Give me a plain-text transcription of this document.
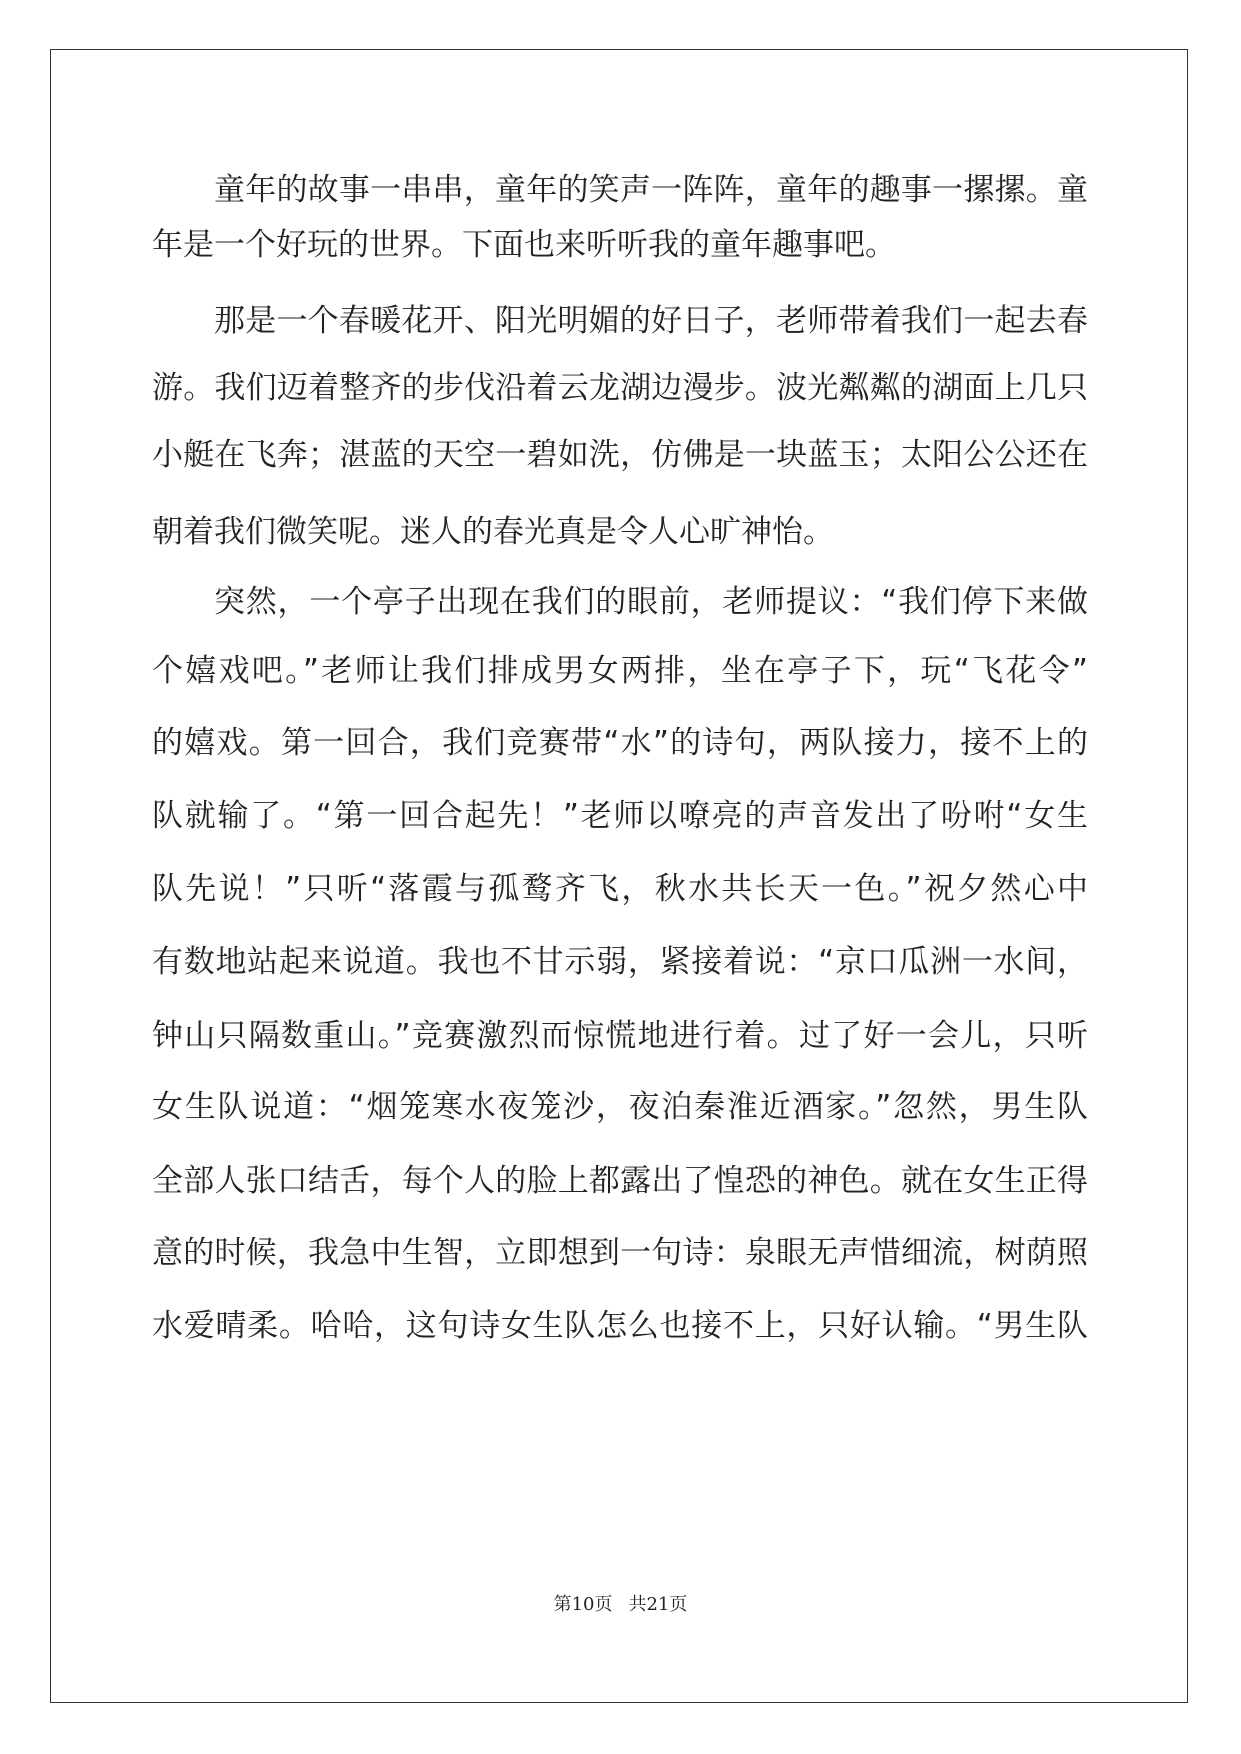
童年的故事一串串，童年的笑声一阵阵，童年的趣事一摞摞。童
年是一个好玩的世界。下面也来听听我的童年趣事吧。
那是一个春暖花开、阳光明媚的好日子，老师带着我们一起去春
游。我们迈着整齐的步伐沿着云龙湖边漫步。波光粼粼的湖面上几只
小艇在飞奔；湛蓝的天空一碧如洗，仿佛是一块蓝玉；太阳公公还在
朝着我们微笑呢。迷人的春光真是令人心旷神怡。
突然，一个亭子出现在我们的眼前，老师提议：“我们停下来做
个嬉戏吧。”老师让我们排成男女两排，坐在亭子下，玩“飞花令”
的嬉戏。第一回合，我们竞赛带“水”的诗句，两队接力，接不上的
队就输了。“第一回合起先！”老师以嘹亮的声音发出了吩咐“女生
队先说！”只听“落霞与孤鹜齐飞，秋水共长天一色。”祝夕然心中
有数地站起来说道。我也不甘示弱，紧接着说：“京口瓜洲一水间，
钟山只隔数重山。”竞赛激烈而惊慌地进行着。过了好一会儿，只听
女生队说道：“烟笼寒水夜笼沙，夜泊秦淮近酒家。”忽然，男生队
全部人张口结舌，每个人的脸上都露出了惶恐的神色。就在女生正得
意的时候，我急中生智，立即想到一句诗：泉眼无声惜细流，树荫照
水爱晴柔。哈哈，这句诗女生队怎么也接不上，只好认输。“男生队
第10页 共21页
